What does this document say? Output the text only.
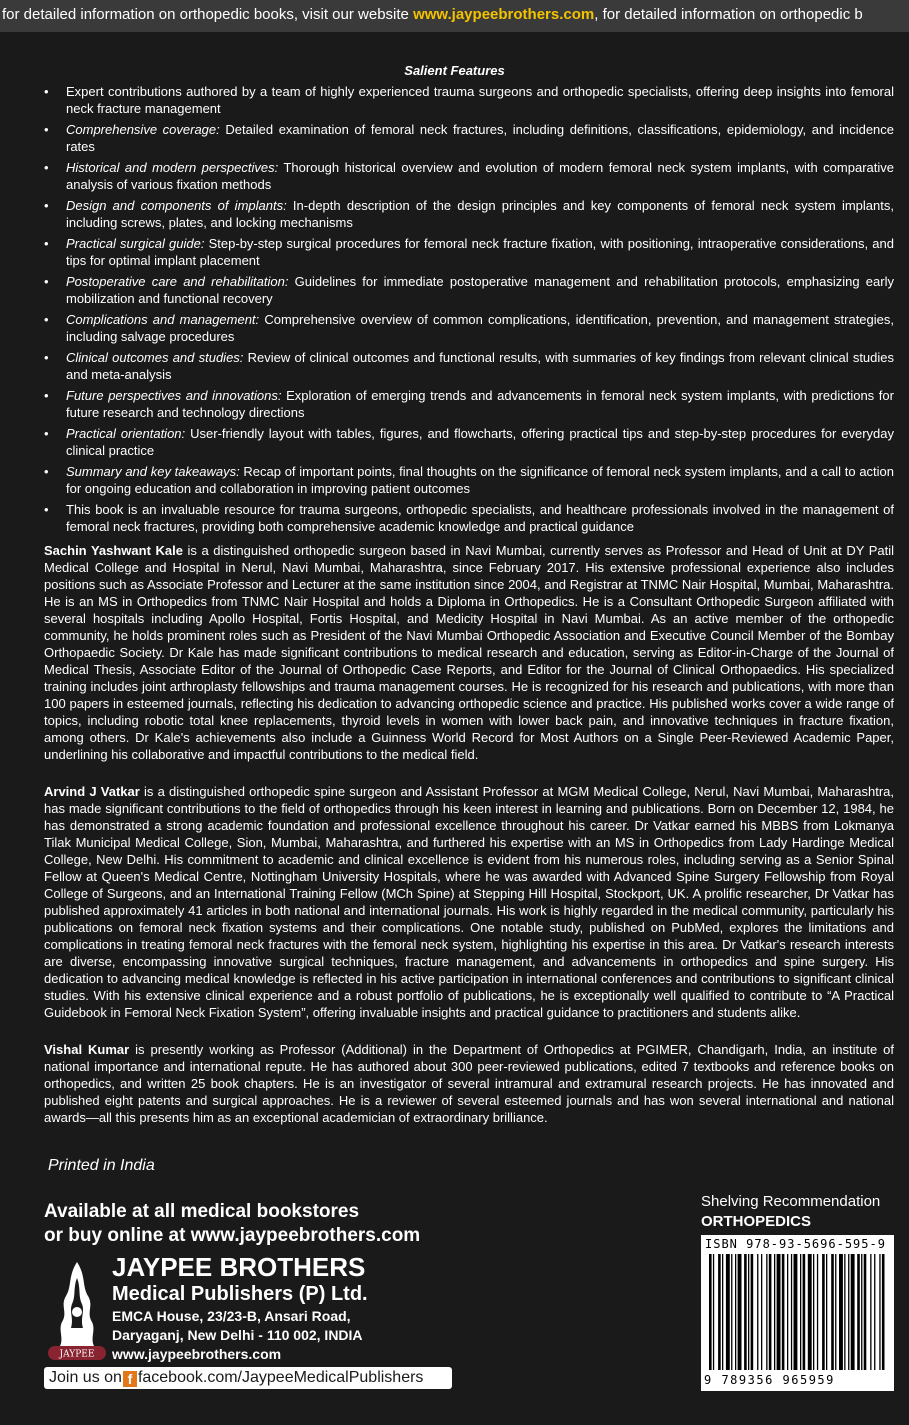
for detailed information on orthopedic books, visit our website www.jaypeebrothers.com, for detailed information on orthopedic b
Salient Features
• Expert contributions authored by a team of highly experienced trauma surgeons and orthopedic specialists, offering deep insights into femoral neck fracture management
• Comprehensive coverage: Detailed examination of femoral neck fractures, including definitions, classifications, epidemiology, and incidence rates
• Historical and modern perspectives: Thorough historical overview and evolution of modern femoral neck system implants, with comparative analysis of various fixation methods
• Design and components of implants: In-depth description of the design principles and key components of femoral neck system implants, including screws, plates, and locking mechanisms
• Practical surgical guide: Step-by-step surgical procedures for femoral neck fracture fixation, with positioning, intraoperative considerations, and tips for optimal implant placement
• Postoperative care and rehabilitation: Guidelines for immediate postoperative management and rehabilitation protocols, emphasizing early mobilization and functional recovery
• Complications and management: Comprehensive overview of common complications, identification, prevention, and management strategies, including salvage procedures
• Clinical outcomes and studies: Review of clinical outcomes and functional results, with summaries of key findings from relevant clinical studies and meta-analysis
• Future perspectives and innovations: Exploration of emerging trends and advancements in femoral neck system implants, with predictions for future research and technology directions
• Practical orientation: User-friendly layout with tables, figures, and flowcharts, offering practical tips and step-by-step procedures for everyday clinical practice
• Summary and key takeaways: Recap of important points, final thoughts on the significance of femoral neck system implants, and a call to action for ongoing education and collaboration in improving patient outcomes
• This book is an invaluable resource for trauma surgeons, orthopedic specialists, and healthcare professionals involved in the management of femoral neck fractures, providing both comprehensive academic knowledge and practical guidance

Sachin Yashwant Kale is a distinguished orthopedic surgeon based in Navi Mumbai, currently serves as Professor and Head of Unit at DY Patil Medical College and Hospital in Nerul, Navi Mumbai, Maharashtra, since February 2017. His extensive professional experience also includes positions such as Associate Professor and Lecturer at the same institution since 2004, and Registrar at TNMC Nair Hospital, Mumbai, Maharashtra. He is an MS in Orthopedics from TNMC Nair Hospital and holds a Diploma in Orthopedics. He is a Consultant Orthopedic Surgeon affiliated with several hospitals including Apollo Hospital, Fortis Hospital, and Medicity Hospital in Navi Mumbai. As an active member of the orthopedic community, he holds prominent roles such as President of the Navi Mumbai Orthopedic Association and Executive Council Member of the Bombay Orthopaedic Society. Dr Kale has made significant contributions to medical research and education, serving as Editor-in-Charge of the Journal of Medical Thesis, Associate Editor of the Journal of Orthopedic Case Reports, and Editor for the Journal of Clinical Orthopaedics. His specialized training includes joint arthroplasty fellowships and trauma management courses. He is recognized for his research and publications, with more than 100 papers in esteemed journals, reflecting his dedication to advancing orthopedic science and practice. His published works cover a wide range of topics, including robotic total knee replacements, thyroid levels in women with lower back pain, and innovative techniques in fracture fixation, among others. Dr Kale's achievements also include a Guinness World Record for Most Authors on a Single Peer-Reviewed Academic Paper, underlining his collaborative and impactful contributions to the medical field.

Arvind J Vatkar is a distinguished orthopedic spine surgeon and Assistant Professor at MGM Medical College, Nerul, Navi Mumbai, Maharashtra, has made significant contributions to the field of orthopedics through his keen interest in learning and publications. Born on December 12, 1984, he has demonstrated a strong academic foundation and professional excellence throughout his career. Dr Vatkar earned his MBBS from Lokmanya Tilak Municipal Medical College, Sion, Mumbai, Maharashtra, and furthered his expertise with an MS in Orthopedics from Lady Hardinge Medical College, New Delhi. His commitment to academic and clinical excellence is evident from his numerous roles, including serving as a Senior Spinal Fellow at Queen's Medical Centre, Nottingham University Hospitals, where he was awarded with Advanced Spine Surgery Fellowship from Royal College of Surgeons, and an International Training Fellow (MCh Spine) at Stepping Hill Hospital, Stockport, UK. A prolific researcher, Dr Vatkar has published approximately 41 articles in both national and international journals. His work is highly regarded in the medical community, particularly his publications on femoral neck fixation systems and their complications. One notable study, published on PubMed, explores the limitations and complications in treating femoral neck fractures with the femoral neck system, highlighting his expertise in this area. Dr Vatkar's research interests are diverse, encompassing innovative surgical techniques, fracture management, and advancements in orthopedics and spine surgery. His dedication to advancing medical knowledge is reflected in his active participation in international conferences and contributions to significant clinical studies. With his extensive clinical experience and a robust portfolio of publications, he is exceptionally well qualified to contribute to “A Practical Guidebook in Femoral Neck Fixation System”, offering invaluable insights and practical guidance to practitioners and students alike.

Vishal Kumar is presently working as Professor (Additional) in the Department of Orthopedics at PGIMER, Chandigarh, India, an institute of national importance and international repute. He has authored about 300 peer-reviewed publications, edited 7 textbooks and reference books on orthopedics, and written 25 book chapters. He is an investigator of several intramural and extramural research projects. He has innovated and published eight patents and surgical approaches. He is a reviewer of several esteemed journals and has won several international and national awards—all this presents him as an exceptional academician of extraordinary brilliance.

Printed in India
Available at all medical bookstores
or buy online at www.jaypeebrothers.com
JAYPEE
JAYPEE BROTHERS
Medical Publishers (P) Ltd.
EMCA House, 23/23-B, Ansari Road,
Daryaganj, New Delhi - 110 002, INDIA
www.jaypeebrothers.com
Join us on f facebook.com/JaypeeMedicalPublishers
Shelving Recommendation
ORTHOPEDICS
ISBN 978-93-5696-595-9
9 789356 965959
